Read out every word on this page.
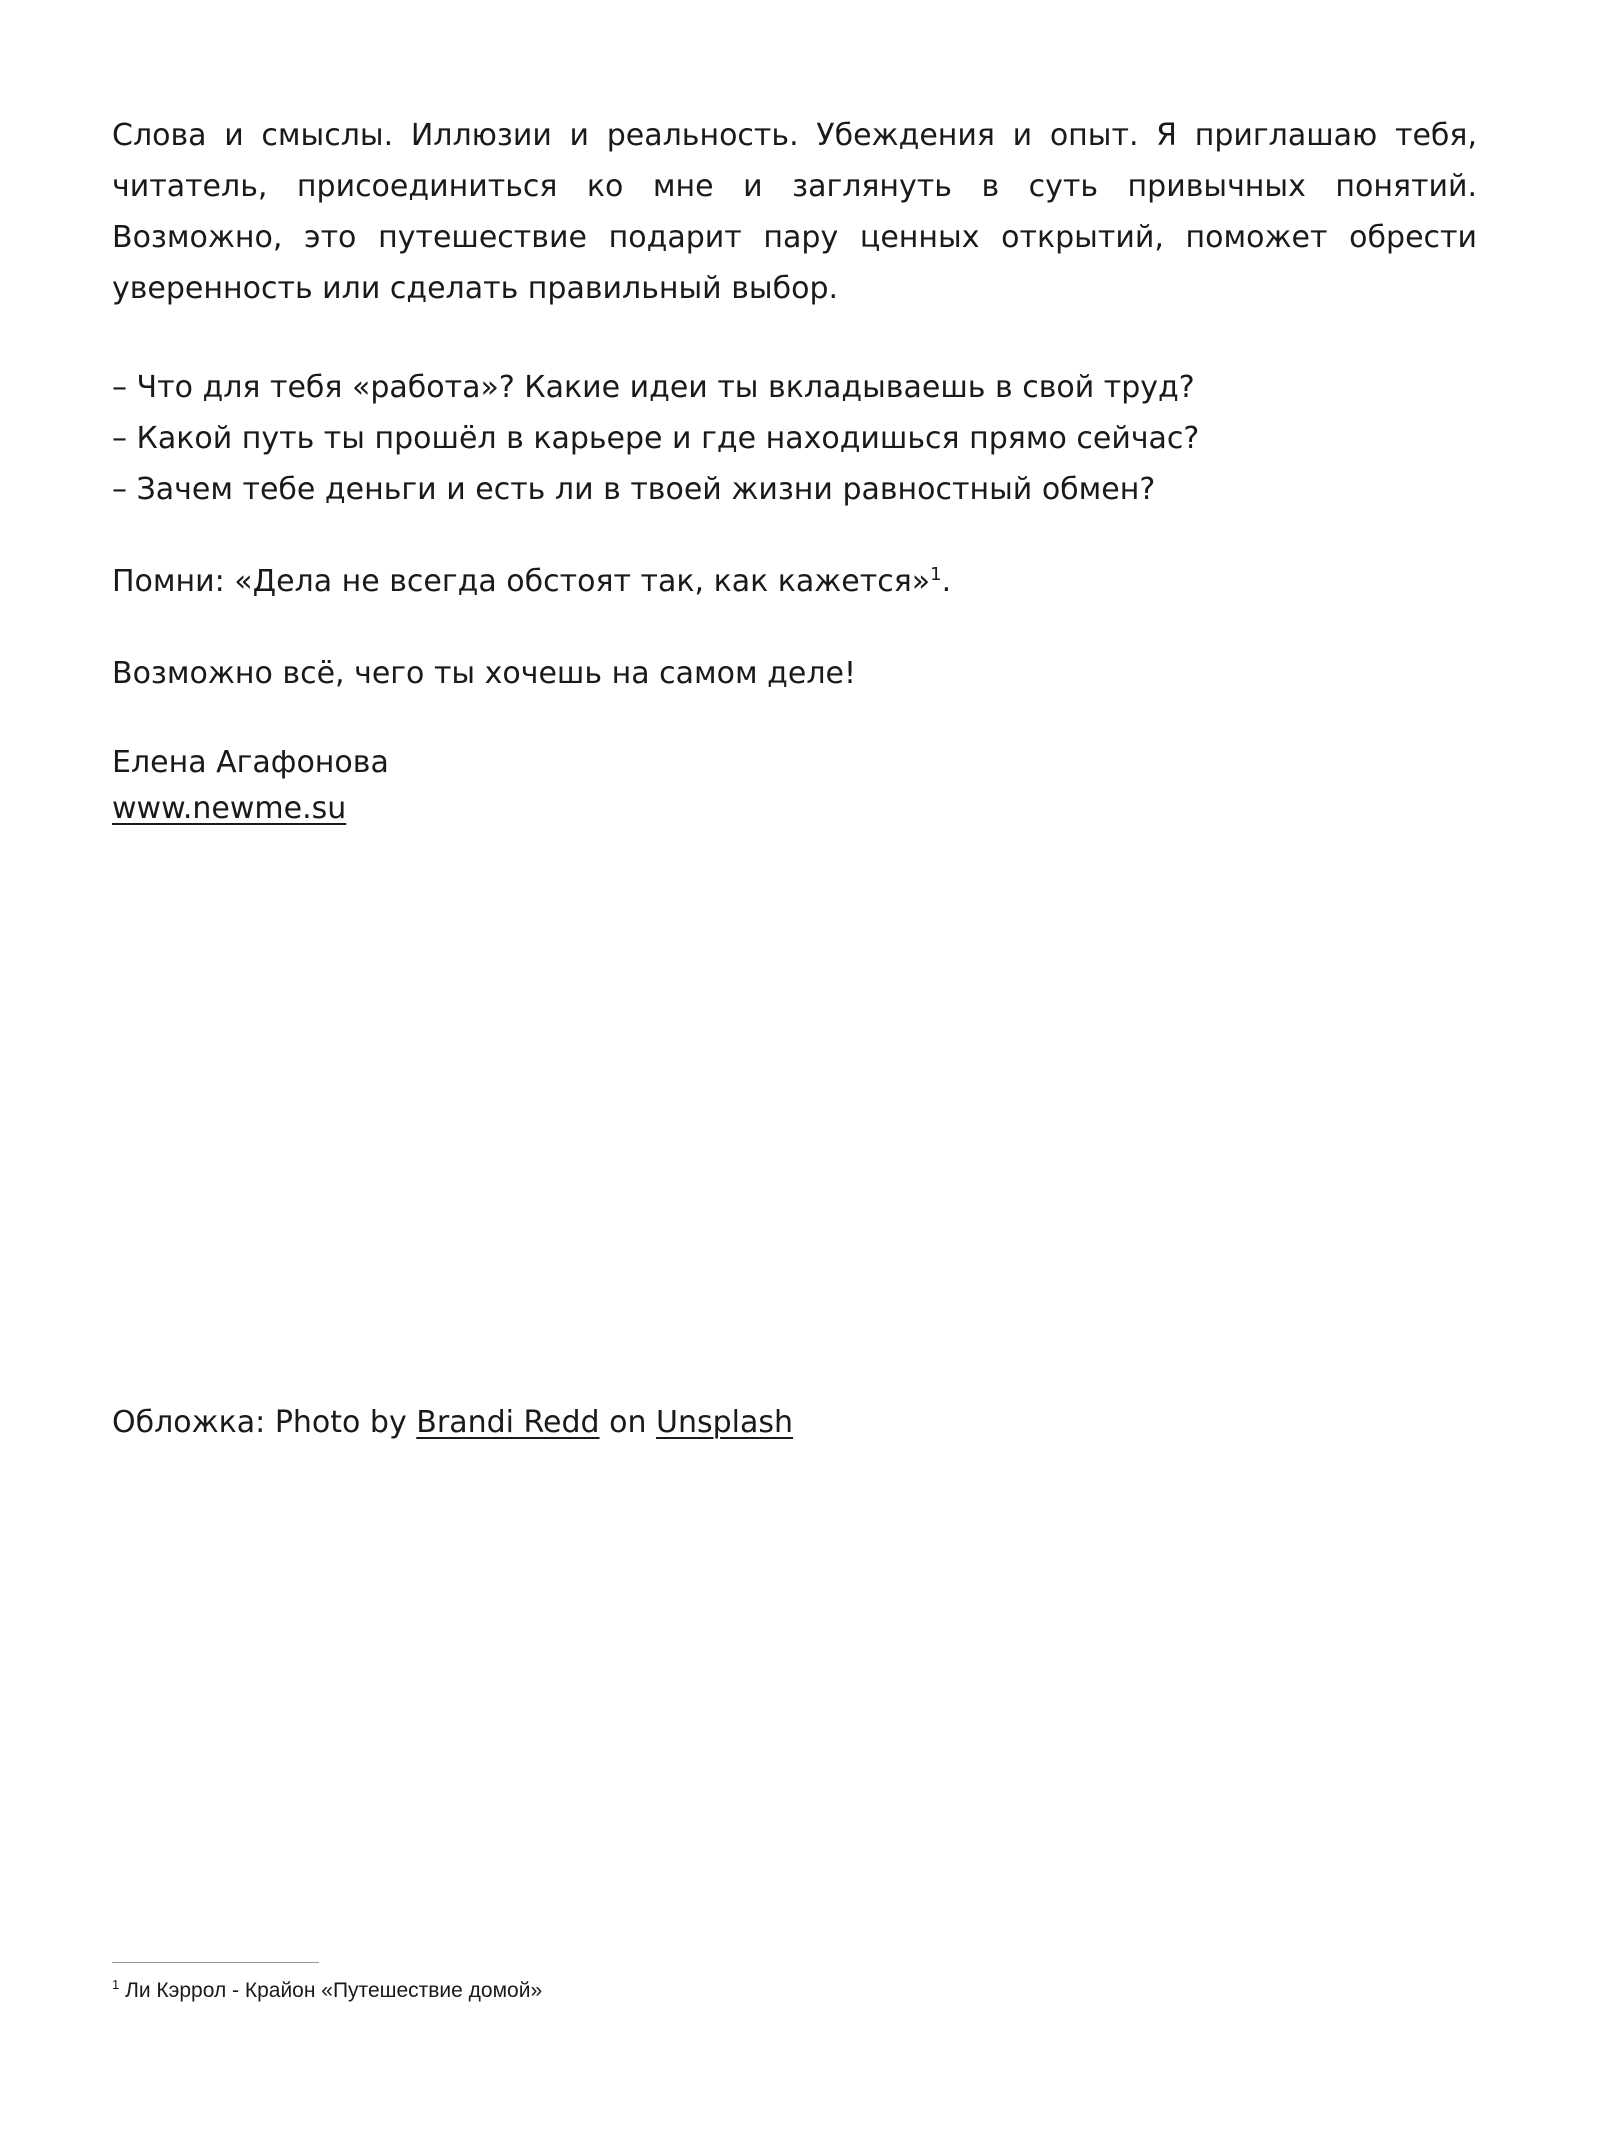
Слова и смыслы. Иллюзии и реальность. Убеждения и опыт. Я приглашаю тебя, читатель, присоединиться ко мне и заглянуть в суть привычных понятий. Возможно, это путешествие подарит пару ценных открытий, поможет обрести уверенность или сделать правильный выбор.

– Что для тебя «работа»? Какие идеи ты вкладываешь в свой труд?
– Какой путь ты прошёл в карьере и где находишься прямо сейчас?
– Зачем тебе деньги и есть ли в твоей жизни равностный обмен?

Помни: «Дела не всегда обстоят так, как кажется»$^1$.

Возможно всё, чего ты хочешь на самом деле!

Елена Агафонова
www.newme.su

Обложка: Photo by Brandi Redd on Unsplash

$^1$ Ли Кэррол - Крайон «Путешествие домой»
